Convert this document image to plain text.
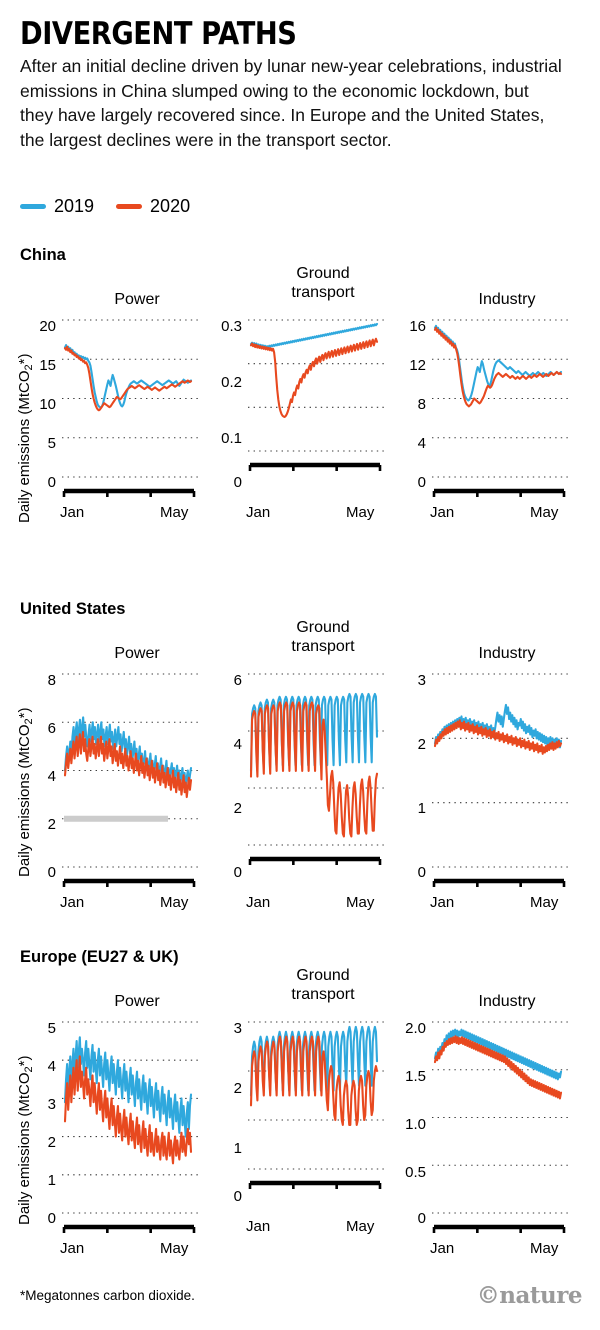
DIVERGENT PATHS
After an initial decline driven by lunar new-year celebrations, industrial emissions in China slumped owing to the economic lockdown, but they have largely recovered since. In Europe and the United States, the largest declines were in the transport sector.
2019	2020
China
Daily emissions (MtCO$_2$*)
Power
20
15
10
5
0
Jan	May
Ground
transport
0.3
0.2
0.1
0
Jan	May
Industry
16
12
8
4
0
Jan	May
United States
Daily emissions (MtCO$_2$*)
Power
8
6
4
2
0
Jan	May
Ground
transport
6
4
2
0
Jan	May
Industry
3
2
1
0
Jan	May
Europe (EU27 & UK)
Daily emissions (MtCO$_2$*)
Power
5
4
3
2
1
0
Jan	May
Ground
transport
3
2
1
0
Jan	May
Industry
2.0
1.5
1.0
0.5
0
Jan	May
*Megatonnes carbon dioxide.	©nature
